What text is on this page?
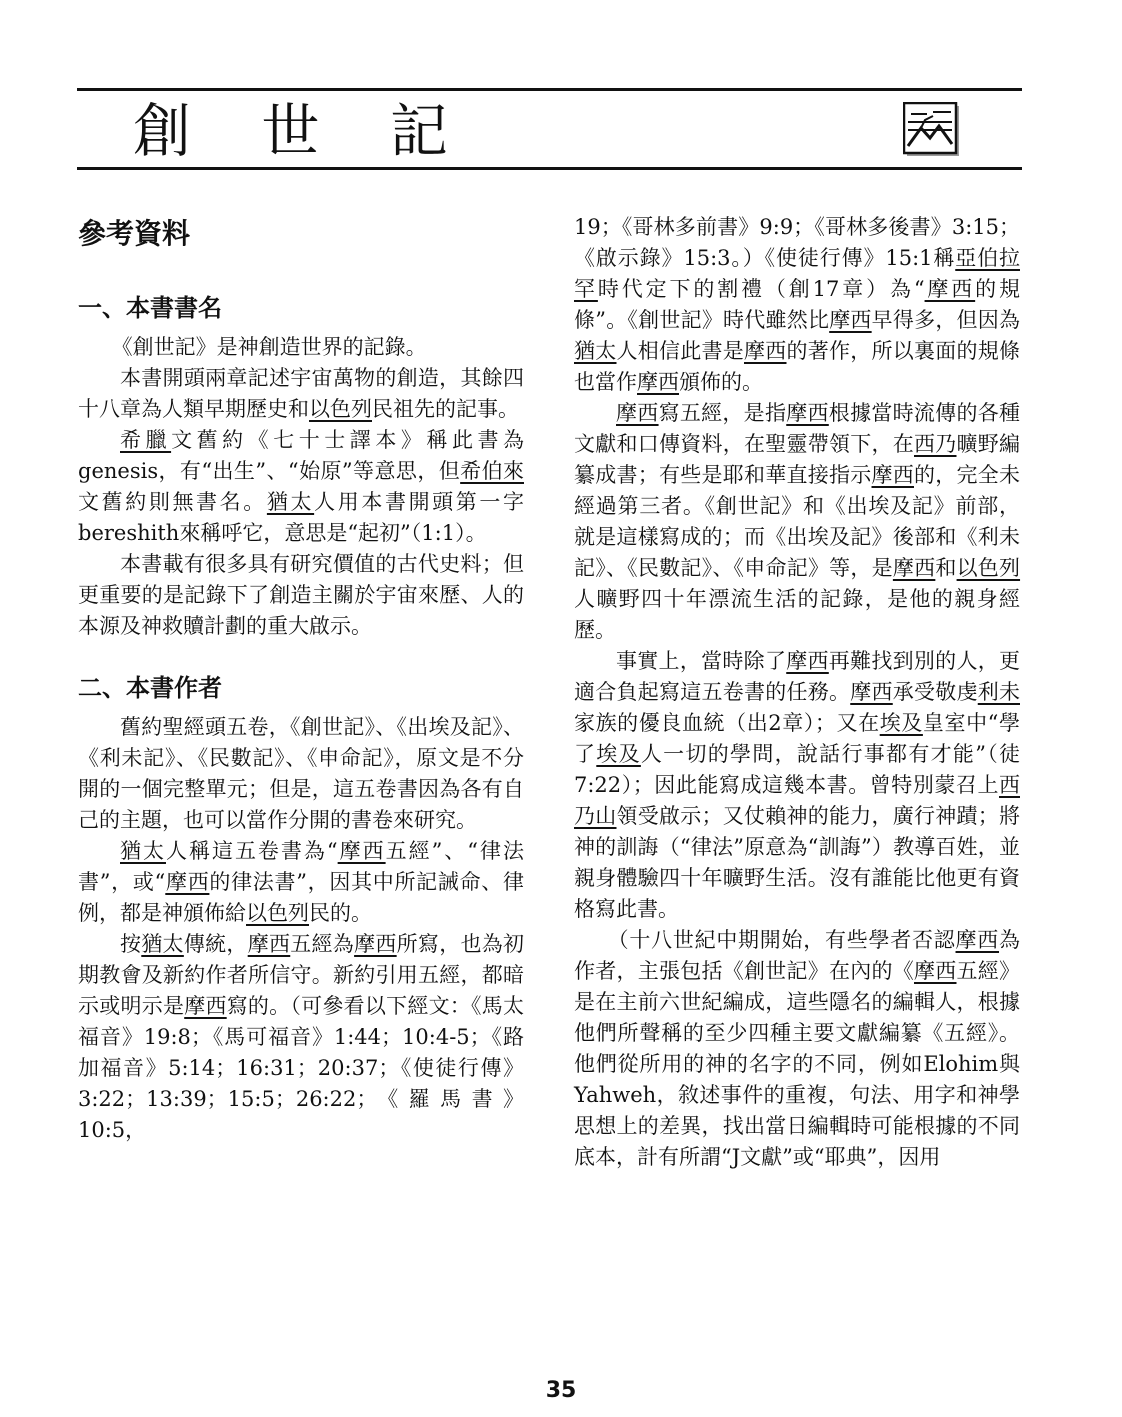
創 世 記
參考資料
一、本書書名

《創世記》是神創造世界的記錄。

本書開頭兩章記述宇宙萬物的創造，其餘四十八章為人類早期歷史和以色列民祖先的記事。

希臘文舊約《七十士譯本》稱此書為genesis，有“出生”、“始原”等意思，但希伯來文舊約則無書名。猶太人用本書開頭第一字bereshith來稱呼它，意思是“起初”（1:1）。

本書載有很多具有研究價值的古代史料；但更重要的是記錄下了創造主關於宇宙來歷、人的本源及神救贖計劃的重大啟示。

二、本書作者

舊約聖經頭五卷，《創世記》、《出埃及記》、《利未記》、《民數記》、《申命記》，原文是不分開的一個完整單元；但是，這五卷書因為各有自己的主題，也可以當作分開的書卷來研究。

猶太人稱這五卷書為“摩西五經”、“律法書”，或“摩西的律法書”，因其中所記誡命、律例，都是神頒佈給以色列民的。

按猶太傳統，摩西五經為摩西所寫，也為初期教會及新約作者所信守。新約引用五經，都暗示或明示是摩西寫的。（可參看以下經文：《馬太福音》19:8；《馬可福音》1:44；10:4-5；《路加福音》5:14；16:31；20:37；《使徒行傳》3:22；13:39；15:5；26:22；《羅馬書》10:5，

19；《哥林多前書》9:9；《哥林多後書》3:15；《啟示錄》15:3。）《使徒行傳》15:1稱亞伯拉罕時代定下的割禮（創17章）為“摩西的規條”。《創世記》時代雖然比摩西早得多，但因為猶太人相信此書是摩西的著作，所以裏面的規條也當作摩西頒佈的。

摩西寫五經，是指摩西根據當時流傳的各種文獻和口傳資料，在聖靈帶領下，在西乃曠野編纂成書；有些是耶和華直接指示摩西的，完全未經過第三者。《創世記》和《出埃及記》前部，就是這樣寫成的；而《出埃及記》後部和《利未記》、《民數記》、《申命記》等，是摩西和以色列人曠野四十年漂流生活的記錄，是他的親身經歷。

事實上，當時除了摩西再難找到別的人，更適合負起寫這五卷書的任務。摩西承受敬虔利未家族的優良血統（出2章）；又在埃及皇室中“學了埃及人一切的學問，說話行事都有才能”（徒7:22）；因此能寫成這幾本書。曾特別蒙召上西乃山領受啟示；又仗賴神的能力，廣行神蹟；將神的訓誨（“律法”原意為“訓誨”）教導百姓，並親身體驗四十年曠野生活。沒有誰能比他更有資格寫此書。

（十八世紀中期開始，有些學者否認摩西為作者，主張包括《創世記》在內的《摩西五經》是在主前六世紀編成，這些隱名的編輯人，根據他們所聲稱的至少四種主要文獻編纂《五經》。他們從所用的神的名字的不同，例如Elohim與Yahweh，敘述事件的重複，句法、用字和神學思想上的差異，找出當日編輯時可能根據的不同底本，計有所謂“J文獻”或“耶典”，因用

35
